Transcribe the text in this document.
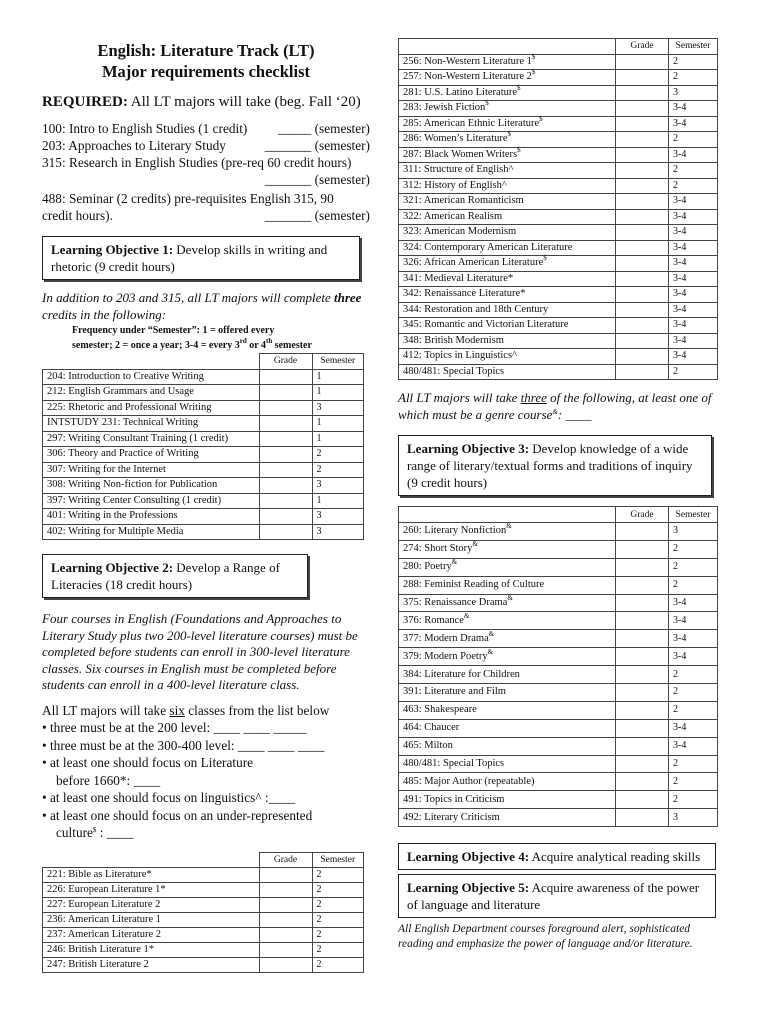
English: Literature Track (LT)
Major requirements checklist
REQUIRED: All LT majors will take (beg. Fall ‘20)
100: Intro to English Studies (1 credit) _____ (semester)
203: Approaches to Literary Study	_______ (semester)
315: Research in English Studies (pre-req 60 credit hours)
_______ (semester)
488: Seminar (2 credits) pre-requisites English 315, 90
credit hours).	_______ (semester)
Learning Objective 1: Develop skills in writing and rhetoric (9 credit hours)
In addition to 203 and 315, all LT majors will complete three credits in the following:
Frequency under “Semester”: 1 = offered every
semester; 2 = once a year; 3-4 = every 3rd or 4th semester
	Grade	Semester
204: Introduction to Creative Writing		1
212: English Grammars and Usage		1
225: Rhetoric and Professional Writing		3
INTSTUDY 231: Technical Writing		1
297: Writing Consultant Training (1 credit)		1
306: Theory and Practice of Writing		2
307: Writing for the Internet		2
308: Writing Non-fiction for Publication		3
397: Writing Center Consulting (1 credit)		1
401: Writing in the Professions		3
402: Writing for Multiple Media		3
Learning Objective 2: Develop a Range of Literacies (18 credit hours)
Four courses in English (Foundations and Approaches to Literary Study plus two 200-level literature courses) must be completed before students can enroll in 300-level literature classes. Six courses in English must be completed before students can enroll in a 400-level literature class.
All LT majors will take six classes from the list below
• three must be at the 200 level: ____ ____ _____
• three must be at the 300-400 level: ____ ____ ____
• at least one should focus on Literature
before 1660*: ____
• at least one should focus on linguistics^ :____
• at least one should focus on an under-represented
culture$ : ____
	Grade	Semester
221: Bible as Literature*		2
226: European Literature 1*		2
227: European Literature 2		2
236: American Literature 1		2
237: American Literature 2		2
246: British Literature 1*		2
247: British Literature 2		2
	Grade	Semester
256: Non-Western Literature 1$		2
257: Non-Western Literature 2$		2
281: U.S. Latino Literature$		3
283: Jewish Fiction$		3-4
285: American Ethnic Literature$		3-4
286: Women’s Literature$		2
287: Black Women Writers$		3-4
311: Structure of English^		2
312: History of English^		2
321: American Romanticism		3-4
322: American Realism		3-4
323: American Modernism		3-4
324: Contemporary American Literature		3-4
326: African American Literature$		3-4
341: Medieval Literature*		3-4
342: Renaissance Literature*		3-4
344: Restoration and 18th Century		3-4
345: Romantic and Victorian Literature		3-4
348: British Modernism		3-4
412: Topics in Linguistics^		3-4
480/481: Special Topics		2
All LT majors will take three of the following, at least one of which must be a genre course&: ____
Learning Objective 3: Develop knowledge of a wide range of literary/textual forms and traditions of inquiry (9 credit hours)
	Grade	Semester
260: Literary Nonfiction&		3
274: Short Story&		2
280: Poetry&		2
288: Feminist Reading of Culture		2
375: Renaissance Drama&		3-4
376: Romance&		3-4
377: Modern Drama&		3-4
379: Modern Poetry&		3-4
384: Literature for Children		2
391: Literature and Film		2
463: Shakespeare		2
464: Chaucer		3-4
465: Milton		3-4
480/481: Special Topics		2
485: Major Author (repeatable)		2
491: Topics in Criticism		2
492: Literary Criticism		3
Learning Objective 4: Acquire analytical reading skills
Learning Objective 5: Acquire awareness of the power of language and literature
All English Department courses foreground alert, sophisticated reading and emphasize the power of language and/or literature.
